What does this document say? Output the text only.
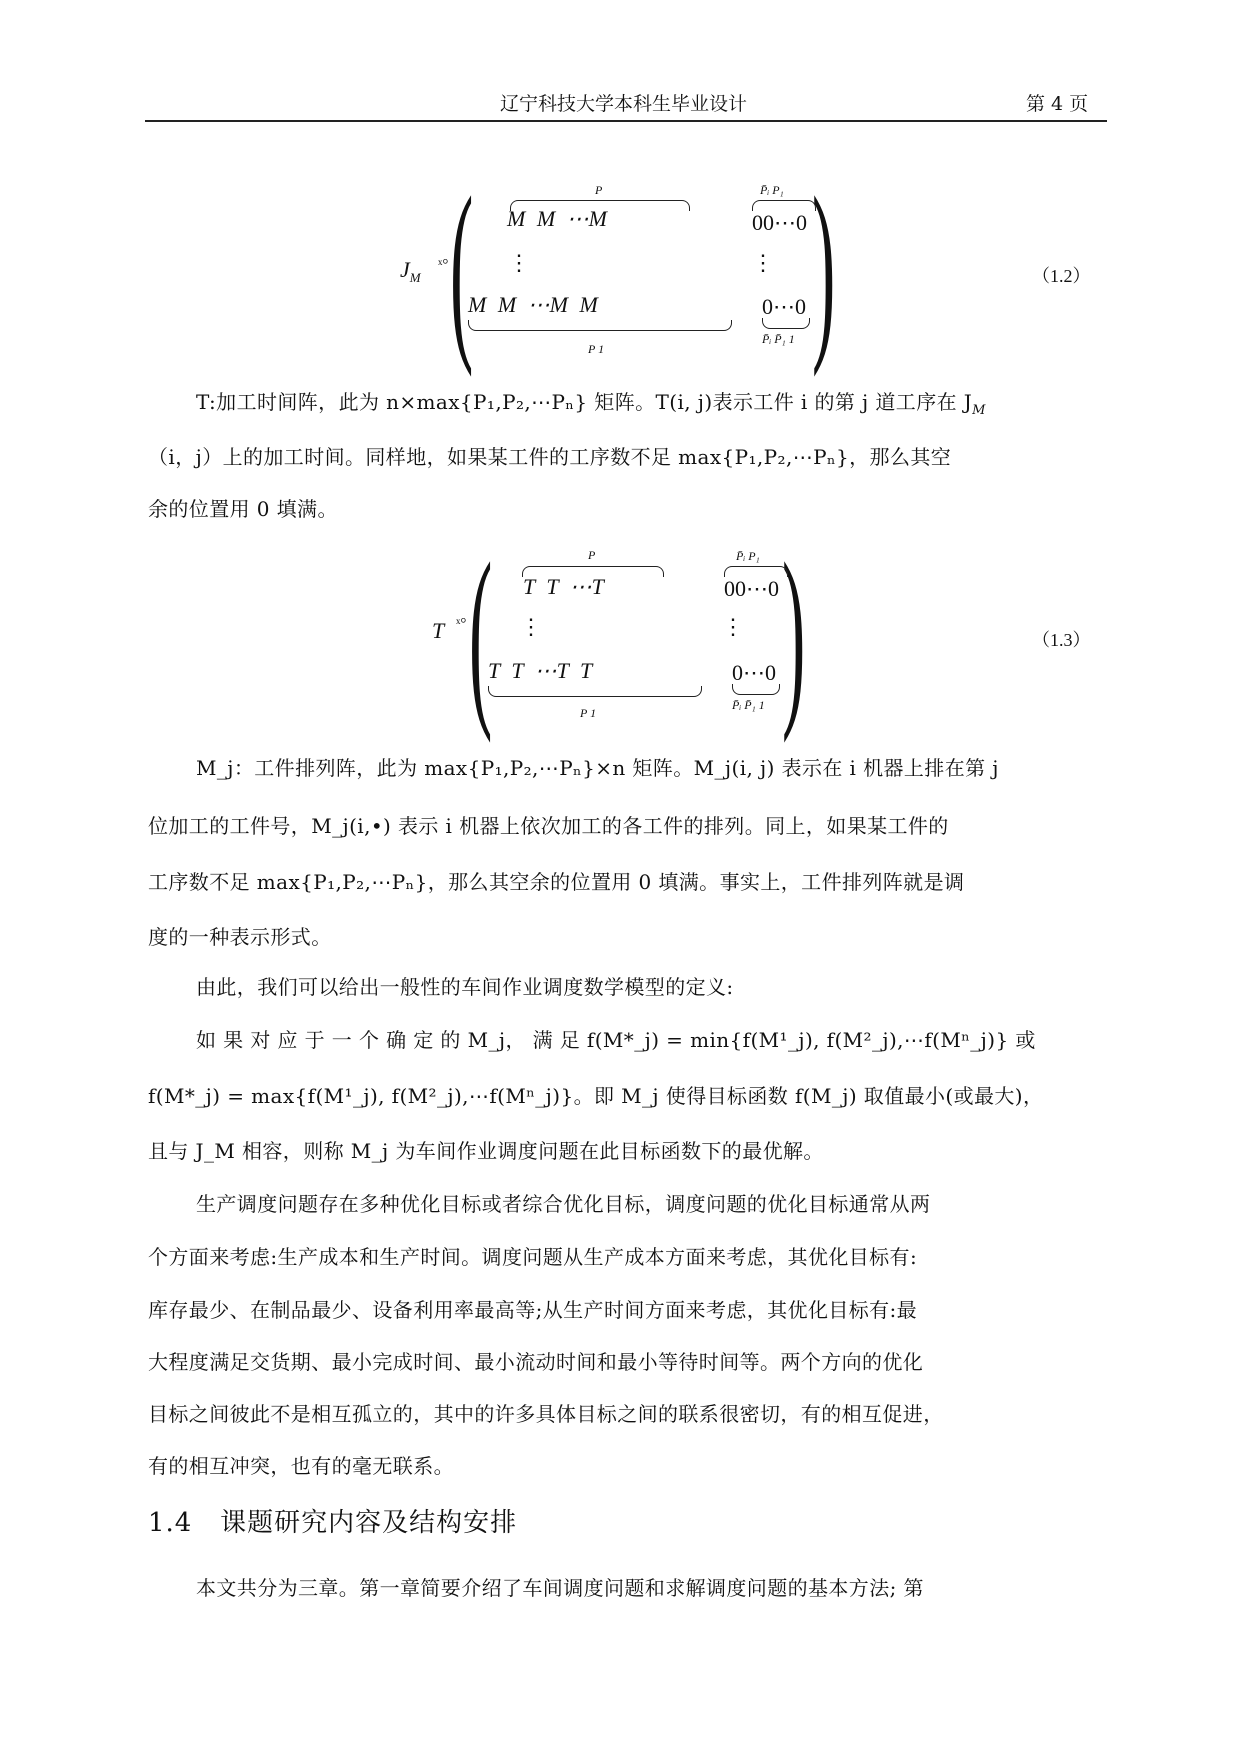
辽宁科技大学本科生毕业设计	第 4 页
$J_M$
ˣ° ( )
P
M M ⋯M
P̄ᵢ P₁
00⋯0
⋮	⋮
M M ⋯M M
P 1
0⋯0
P̄ᵢ P̄₁ 1
（1.2）
T:加工时间阵，此为 n×max{P₁,P₂,⋯Pₙ} 矩阵。T(i, j)表示工件 i 的第 j 道工序在 $J_M$
（i，j）上的加工时间。同样地，如果某工件的工序数不足 max{P₁,P₂,⋯Pₙ}，那么其空
余的位置用 0 填满。
T ˣ° ( )
P
T T ⋯T
P̄ᵢ P₁
00⋯0
⋮	⋮
T T ⋯T T
P 1
0⋯0
P̄ᵢ P̄₁ 1
（1.3）
M_j：工件排列阵，此为 max{P₁,P₂,⋯Pₙ}×n 矩阵。M_j(i, j) 表示在 i 机器上排在第 j
位加工的工件号，M_j(i,•) 表示 i 机器上依次加工的各工件的排列。同上，如果某工件的
工序数不足 max{P₁,P₂,⋯Pₙ}，那么其空余的位置用 0 填满。事实上，工件排列阵就是调
度的一种表示形式。
由此，我们可以给出一般性的车间作业调度数学模型的定义:
如 果 对 应 于 一 个 确 定 的 M_j， 满 足 f(M*_j) = min{f(M¹_j), f(M²_j),⋯f(Mⁿ_j)} 或
f(M*_j) = max{f(M¹_j), f(M²_j),⋯f(Mⁿ_j)}。即 M_j 使得目标函数 f(M_j) 取值最小(或最大)，
且与 J_M 相容，则称 M_j 为车间作业调度问题在此目标函数下的最优解。
生产调度问题存在多种优化目标或者综合优化目标，调度问题的优化目标通常从两
个方面来考虑:生产成本和生产时间。调度问题从生产成本方面来考虑，其优化目标有:
库存最少、在制品最少、设备利用率最高等;从生产时间方面来考虑，其优化目标有:最
大程度满足交货期、最小完成时间、最小流动时间和最小等待时间等。两个方向的优化
目标之间彼此不是相互孤立的，其中的许多具体目标之间的联系很密切，有的相互促进，
有的相互冲突，也有的毫无联系。
1.4 课题研究内容及结构安排
本文共分为三章。第一章简要介绍了车间调度问题和求解调度问题的基本方法; 第
